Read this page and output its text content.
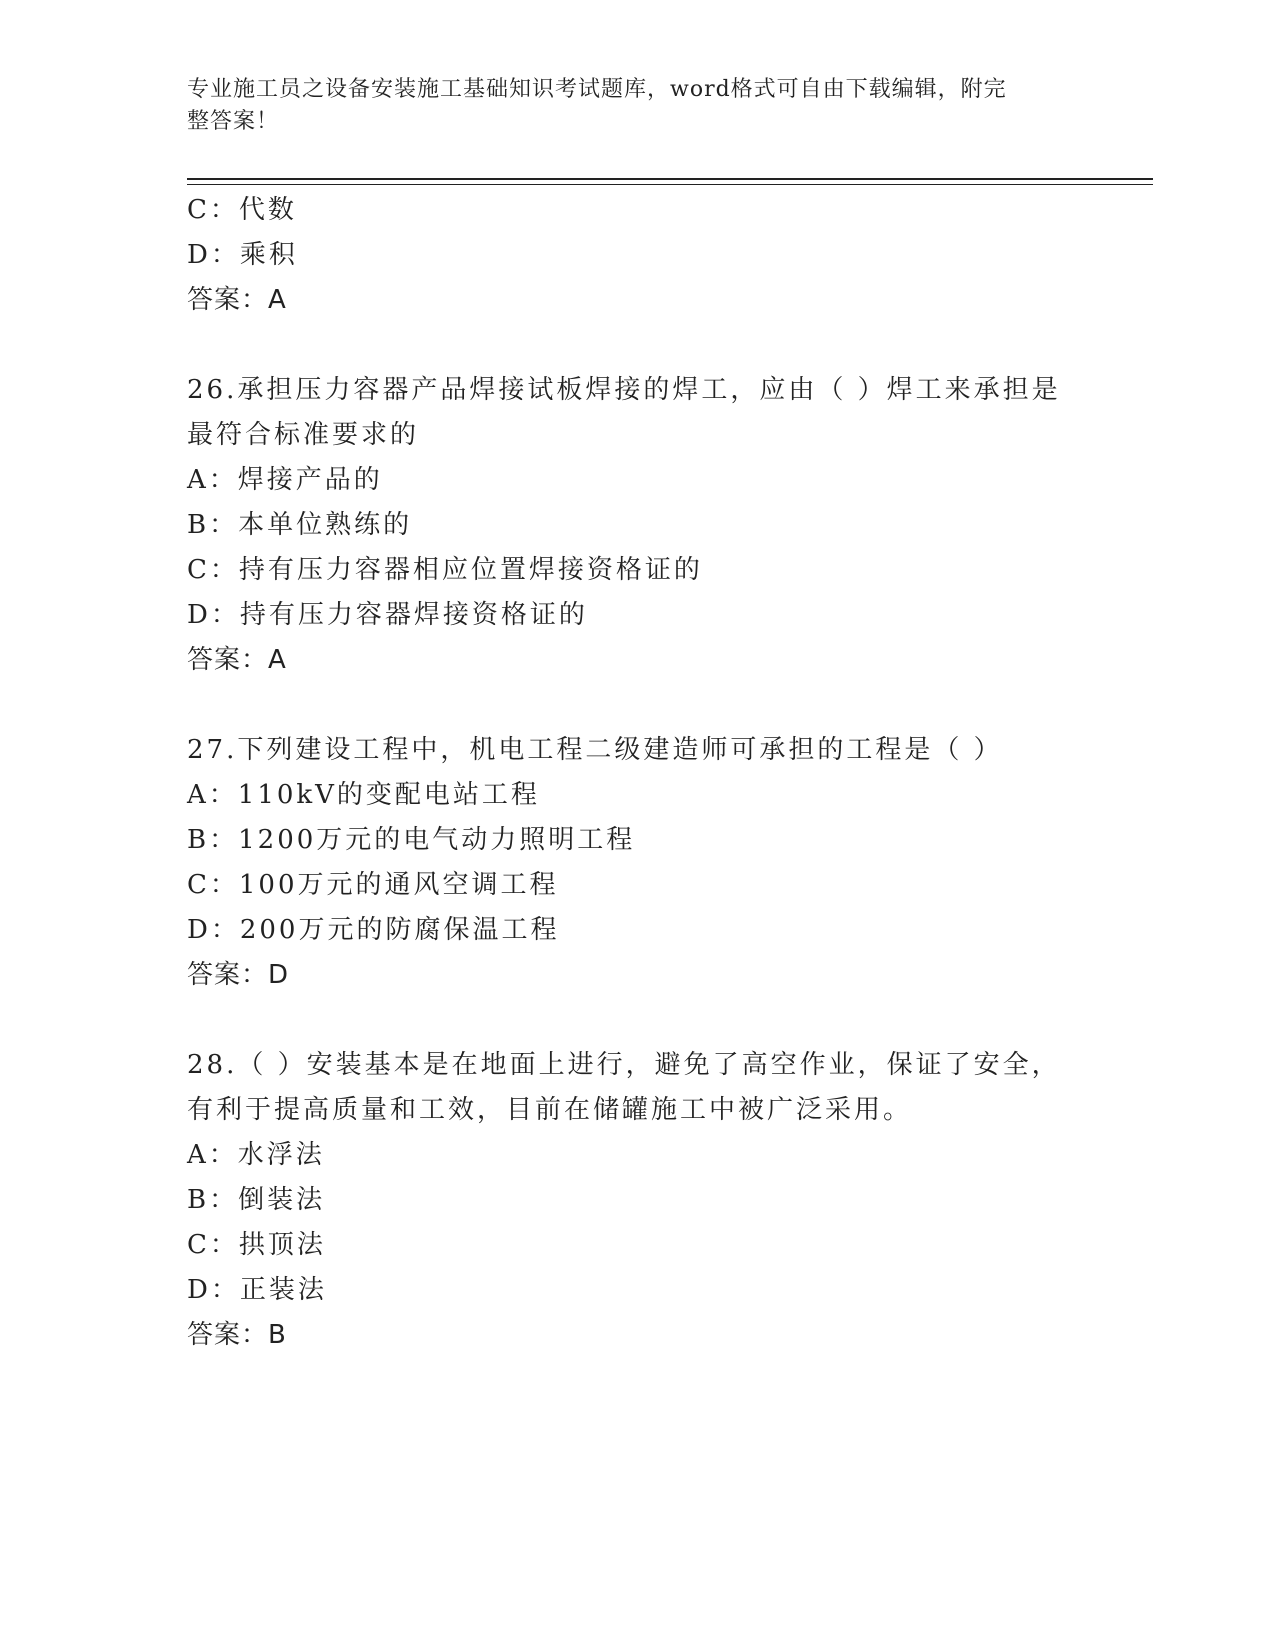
专业施工员之设备安装施工基础知识考试题库，word格式可自由下载编辑，附完
整答案！
C：代数
D：乘积
答案：A
26.承担压力容器产品焊接试板焊接的焊工，应由（ ）焊工来承担是
最符合标准要求的
A：焊接产品的
B：本单位熟练的
C：持有压力容器相应位置焊接资格证的
D：持有压力容器焊接资格证的
答案：A
27.下列建设工程中，机电工程二级建造师可承担的工程是（ ）
A：110kV的变配电站工程
B：1200万元的电气动力照明工程
C：100万元的通风空调工程
D：200万元的防腐保温工程
答案：D
28.（ ）安装基本是在地面上进行，避免了高空作业，保证了安全，
有利于提高质量和工效，目前在储罐施工中被广泛采用。
A：水浮法
B：倒装法
C：拱顶法
D：正装法
答案：B
